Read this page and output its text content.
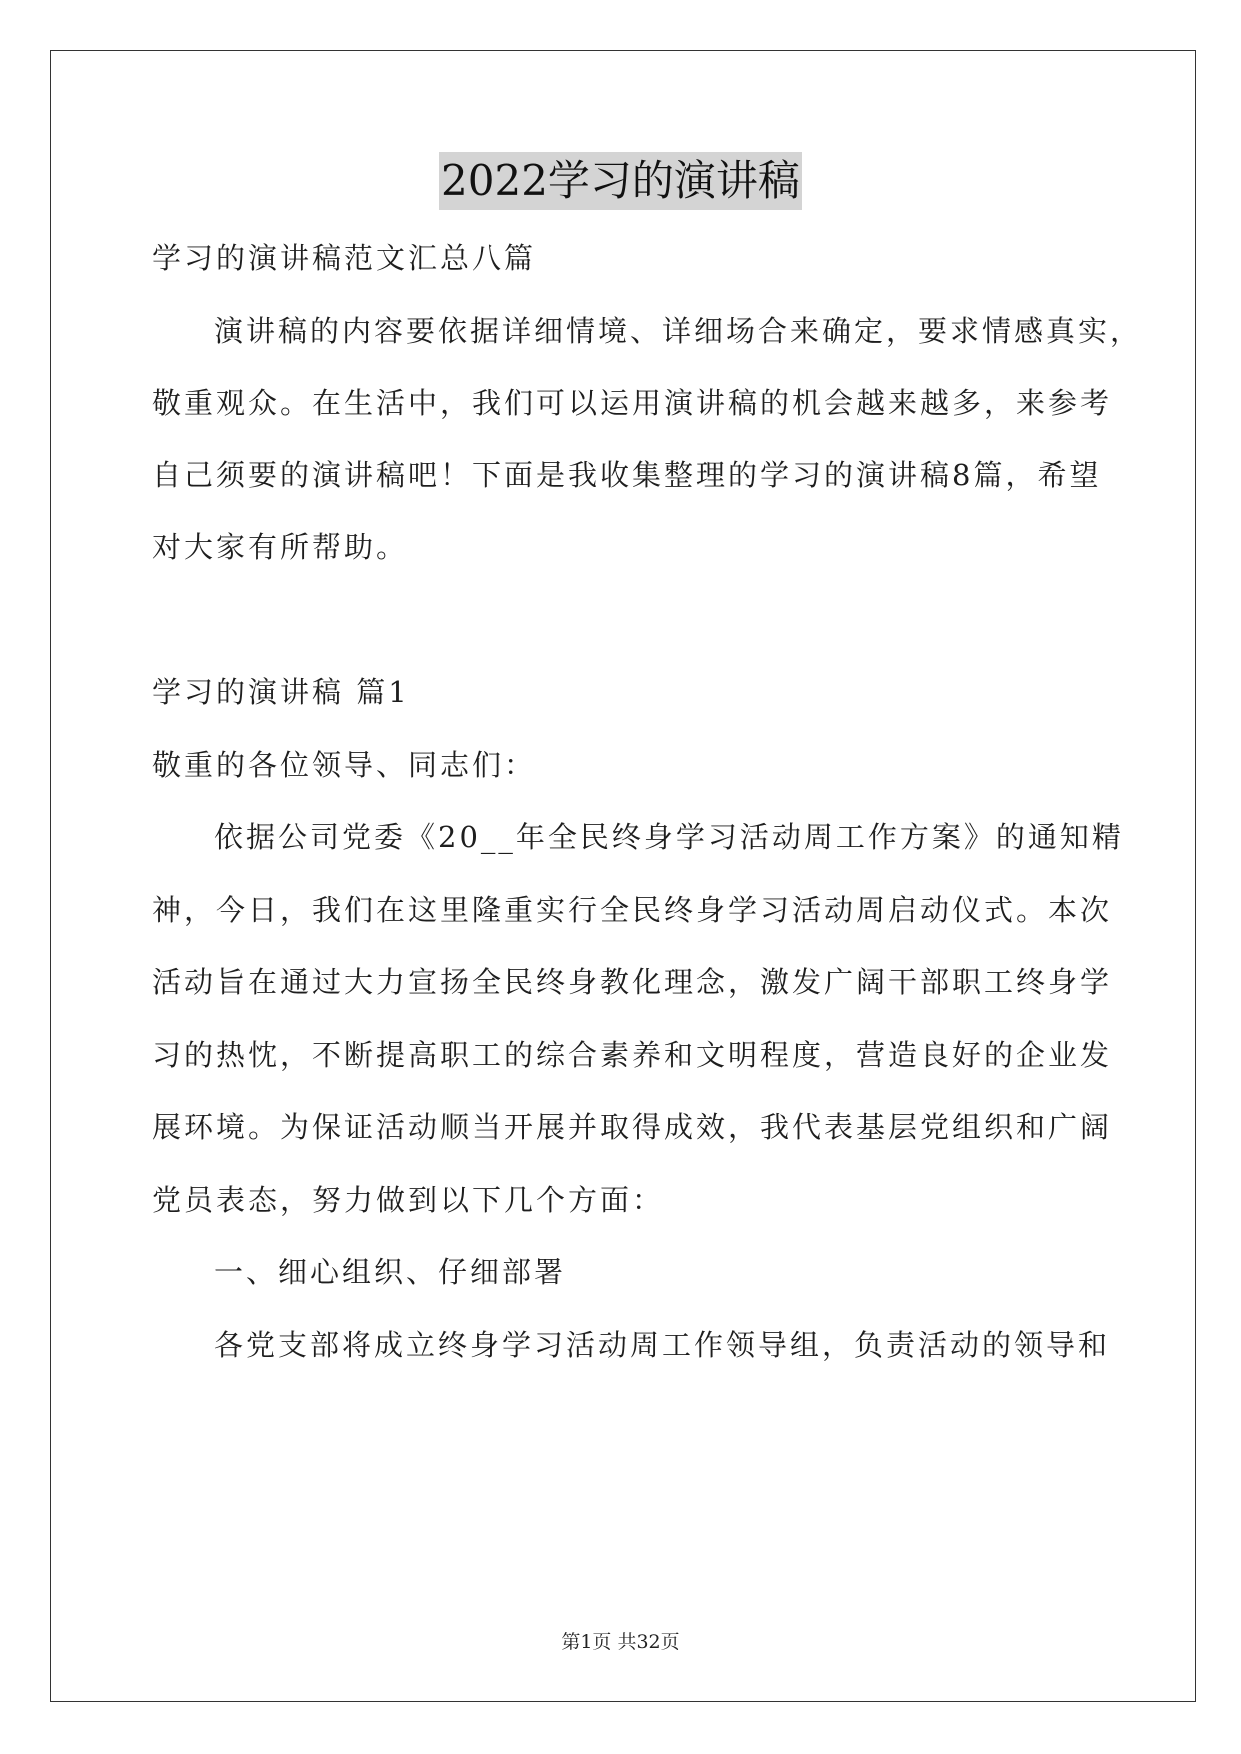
2022学习的演讲稿
学习的演讲稿范文汇总八篇
演讲稿的内容要依据详细情境、详细场合来确定，要求情感真实，
敬重观众。在生活中，我们可以运用演讲稿的机会越来越多，来参考
自己须要的演讲稿吧！下面是我收集整理的学习的演讲稿8篇，希望
对大家有所帮助。
学习的演讲稿 篇1
敬重的各位领导、同志们：
依据公司党委《20__年全民终身学习活动周工作方案》的通知精
神，今日，我们在这里隆重实行全民终身学习活动周启动仪式。本次
活动旨在通过大力宣扬全民终身教化理念，激发广阔干部职工终身学
习的热忱，不断提高职工的综合素养和文明程度，营造良好的企业发
展环境。为保证活动顺当开展并取得成效，我代表基层党组织和广阔
党员表态，努力做到以下几个方面：
一、细心组织、仔细部署
各党支部将成立终身学习活动周工作领导组，负责活动的领导和
第1页 共32页
